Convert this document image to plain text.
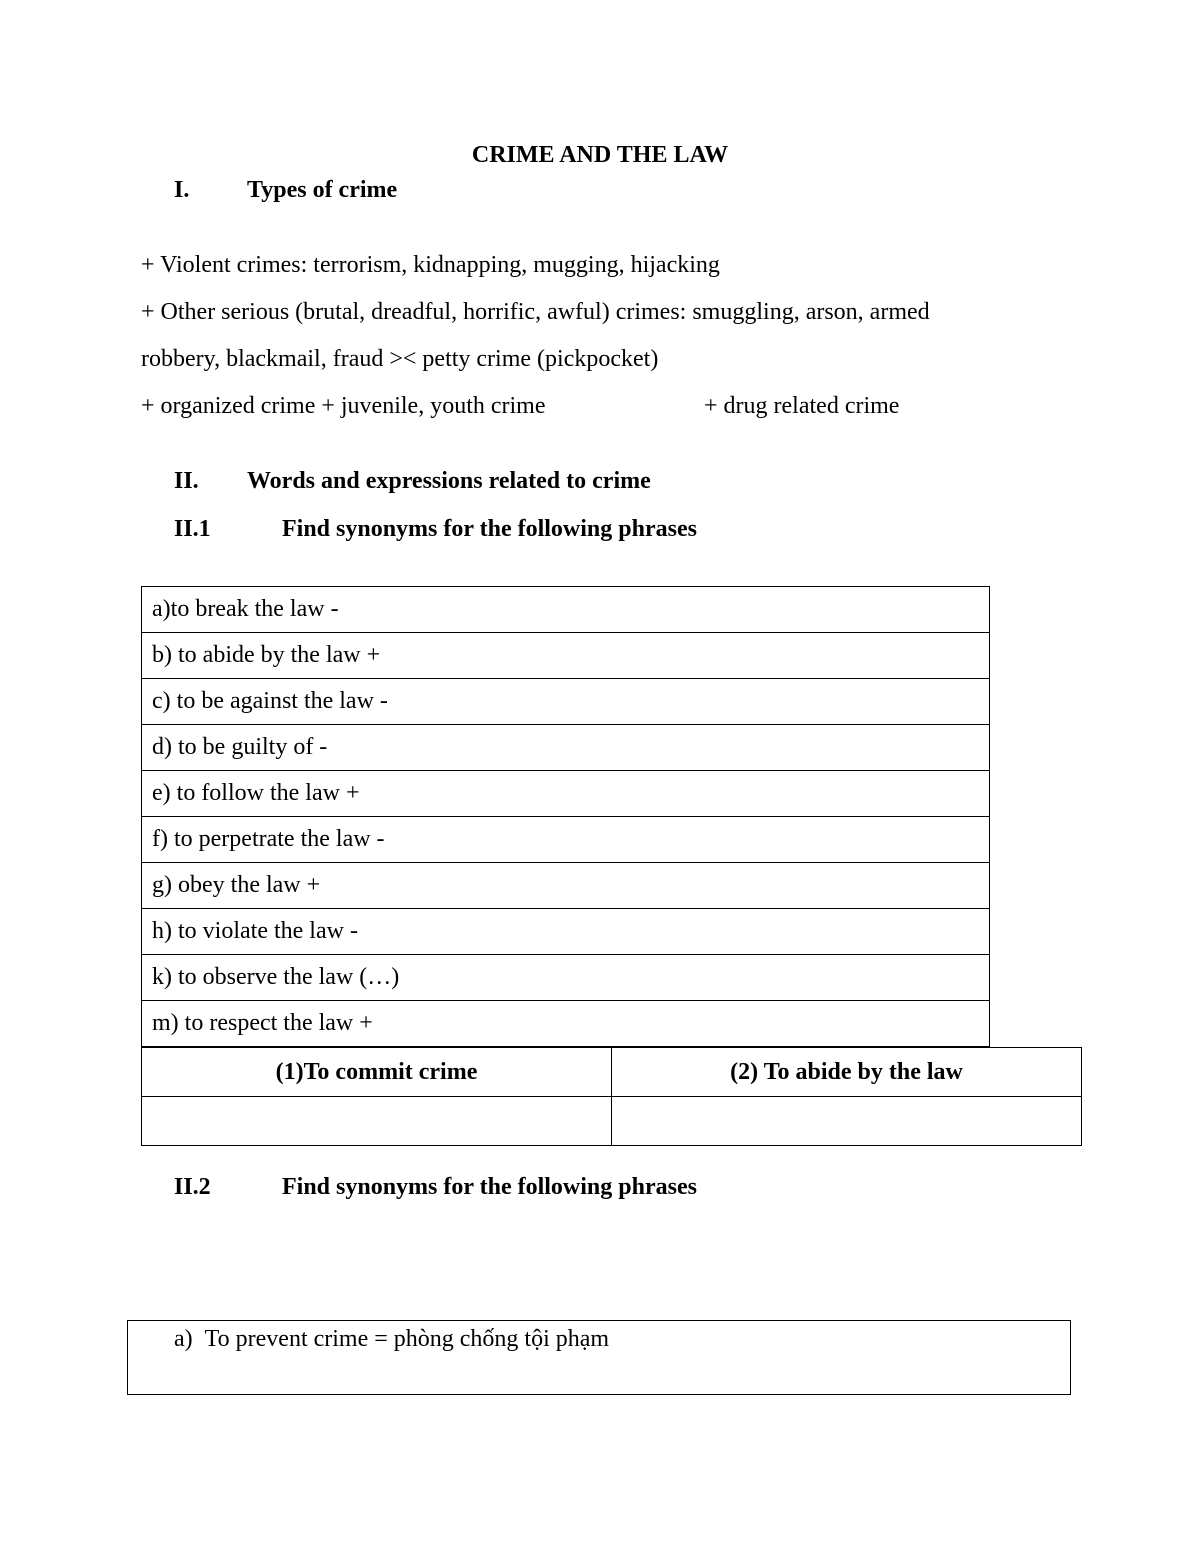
CRIME AND THE LAW
I. Types of crime
+ Violent crimes: terrorism, kidnapping, mugging, hijacking
+ Other serious (brutal, dreadful, horrific, awful) crimes: smuggling, arson, armed
robbery, blackmail, fraud >< petty crime (pickpocket)
+ organized crime + juvenile, youth crime	+ drug related crime
II. Words and expressions related to crime
II.1	Find synonyms for the following phrases
a)to break the law -
b) to abide by the law +
c) to be against the law -
d) to be guilty of -
e) to follow the law +
f) to perpetrate the law -
g) obey the law +
h) to violate the law -
k) to observe the law (…)
m) to respect the law +
(1)To commit crime	(2) To abide by the law

II.2	Find synonyms for the following phrases
a) To prevent crime = phòng chống tội phạm
